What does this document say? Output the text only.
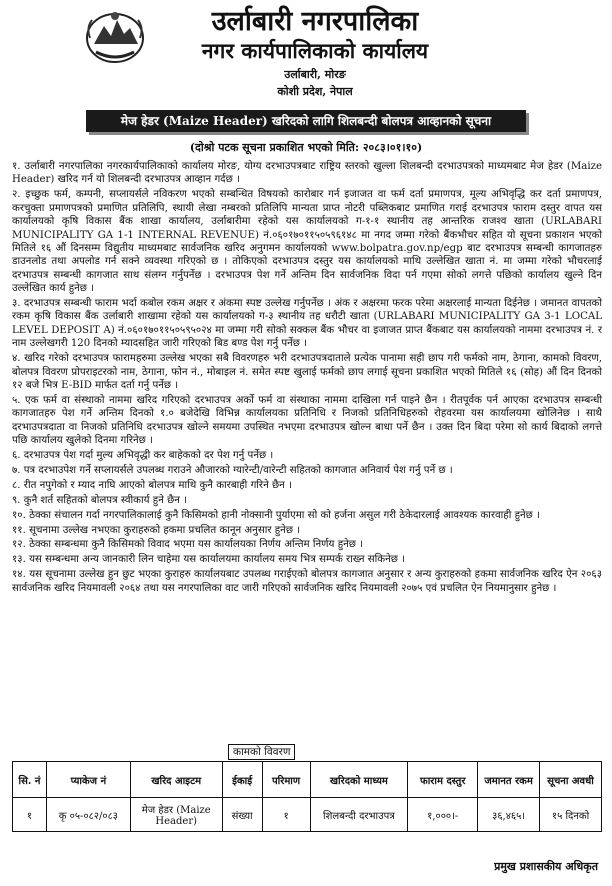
उर्लाबारी नगरपालिका
नगर कार्यपालिकाको कार्यालय
उर्लाबारी, मोरङ
कोशी प्रदेश, नेपाल
मेज हेडर (Maize Header) खरिदको लागि शिलबन्दी बोलपत्र आव्हानको सूचना
(दोश्रो पटक सूचना प्रकाशित भएको मिति: २०८३।०१।१०)

१. उर्लाबारी नगरपालिका नगरकार्यपालिकाको कार्यालय मोरङ, योग्य दरभाउपत्रबाट राष्ट्रिय स्तरको खुल्ला शिलबन्दी दरभाउपत्रको माध्यमबाट मेज हेडर (Maize Header) खरिद गर्न यो शिलबन्दी दरभाउपत्र आव्हान गर्दछ ।

२. इच्छुक फर्म, कम्पनी, सप्लायर्सले नविकरण भएको सम्बन्धित विषयको कारोबार गर्न इजाजत वा फर्म दर्ता प्रमाणपत्र, मूल्य अभिवृद्धि कर दर्ता प्रमाणपत्र, करचुक्ता प्रमाणपत्रको प्रमाणित प्रतिलिपि, स्थायी लेखा नम्बरको प्रतिलिपि मान्यता प्राप्त नोटरी पब्लिकबाट प्रमाणित गराई दरभाउपत्र फाराम दस्तुर वापत यस कार्यालयको कृषि विकास बैंक शाखा कार्यालय, उर्लाबारीमा रहेको यस कार्यालयको ग-१-१ स्थानीय तह आन्तरिक राजश्व खाता (URLABARI MUNICIPALITY GA 1-1 INTERNAL REVENUE) नं.०६०१७०११५०५९६१४८ मा नगद जम्मा गरेको बैंकभौचर सहित यो सूचना प्रकाशन भएको मितिले १६ औं दिनसम्म विद्युतीय माध्यमबाट सार्वजनिक खरिद अनुगमन कार्यालयको www.bolpatra.gov.np/egp बाट दरभाउपत्र सम्बन्धी कागजातहरु डाउनलोड तथा अपलोड गर्न सक्ने व्यवस्था गरिएको छ । तोकिएको दरभाउपत्र दस्तुर यस कार्यालयको माथि उल्लेखित खाता नं. मा जम्मा गरेको भौचरलाई दरभाउपत्र सम्बन्धी कागजात साथ संलग्न गर्नुपर्नेछ । दरभाउपत्र पेश गर्ने अन्तिम दिन सार्वजनिक विदा पर्न गएमा सोको लगत्ते पछिको कार्यालय खुल्ने दिन उल्लेखित कार्य हुनेछ ।

३. दरभाउपत्र सम्बन्धी फाराम भर्दा कबोल रकम अक्षर र अंकमा स्पष्ट उल्लेख गर्नुपर्नेछ । अंक र अक्षरमा फरक परेमा अक्षरलाई मान्यता दिईनेछ । जमानत वापतको रकम कृषि विकास बैंक उर्लाबारी शाखामा रहेको यस कार्यालयको ग-३ स्थानीय तह धरौटी खाता (URLABARI MUNICIPALITY GA 3-1 LOCAL LEVEL DEPOSIT A) नं.०६०१७०११५०५९५०२४ मा जम्मा गरी सोको सक्कल बैंक भौचर वा इजाजत प्राप्त बैंकबाट यस कार्यालयको नाममा दरभाउपत्र नं. र नाम उल्लेखगरी 120 दिनको म्यादसहित जारी गरिएको बिड बण्ड पेश गर्नु पर्नेछ ।

४. खरिद गरेको दरभाउपत्र फारामहरुमा उल्लेख भएका सबै विवरणहरु भरी दरभाउपत्रदाताले प्रत्येक पानामा सही छाप गरी फर्मको नाम, ठेगाना, कामको विवरण, बोलपत्र विवरण प्रोपराइटरको नाम, ठेगाना, फोन नं., मोबाइल नं. समेत स्पष्ट खुलाई फर्मको छाप लगाई सूचना प्रकाशित भएको मितिले १६ (सोह) औं दिन दिनको १२ बजे भित्र E-BID मार्फत दर्ता गर्नु पर्नेछ ।

५. एक फर्म वा संस्थाको नाममा खरिद गरिएको दरभाउपत्र अर्को फर्म वा संस्थाका नाममा दाखिला गर्न पाइने छैन । रीतपूर्वक पर्न आएका दरभाउपत्र सम्बन्धी कागजातहरु पेश गर्ने अन्तिम दिनको १.० बजेदेखि विभिन्न कार्यालयका प्रतिनिधि र निजको प्रतिनिधिहरुको रोहवरमा यस कार्यालयमा खोलिनेछ । साथै दरभाउपत्रदाता वा निजको प्रतिनिधि दरभाउपत्र खोल्ने समयमा उपस्थित नभएमा दरभाउपत्र खोल्न बाधा पर्ने छैन । उक्त दिन बिदा परेमा सो कार्य बिदाको लगत्ते पछि कार्यालय खुलेको दिनमा गरिनेछ ।

६. दरभाउपत्र पेश गर्दा मुल्य अभिवृद्धी कर बाहेकको दर पेश गर्नु पर्नेछ ।

७. पत्र दरभाउपेश गर्ने सप्लायर्सले उपलब्ध गराउने औजारको ग्यारेन्टी/वारेन्टी सहितको कागजात अनिवार्य पेश गर्नु पर्ने छ ।

८. रीत नपुगेको र म्याद नाघि आएको बोलपत्र माथि कुनै कारबाही गरिने छैन ।

९. कुनै शर्त सहितको बोलपत्र स्वीकार्य हुने छैन ।

१०. ठेक्का संचालन गर्दा नगरपालिकालाई कुनै किसिमको हानी नोक्सानी पुर्याएमा सो को हर्जना असुल गरी ठेकेदारलाई आवश्यक कारवाही हुनेछ ।

११. सूचनामा उल्लेख नभएका कुराहरुको हकमा प्रचलित कानून अनुसार हुनेछ ।

१२. ठेक्का सम्बन्धमा कुनै किसिमको विवाद भएमा यस कार्यालयका निर्णय अन्तिम निर्णय हुनेछ ।

१३. यस सम्बन्धमा अन्य जानकारी लिन चाहेमा यस कार्यालयमा कार्यालय समय भित्र सम्पर्क राख्न सकिनेछ ।

१४. यस सूचनामा उल्लेख हुन छुट भएका कुराहरु कार्यालयबाट उपलब्ध गराईएको बोलपत्र कागजात अनुसार र अन्य कुराहरुको हकमा सार्वजनिक खरिद ऐन २०६३ सार्वजनिक खरिद नियमावली २०६४ तथा यस नगरपालिका वाट जारी गरिएको सार्वजनिक खरिद नियमावली २०७५ एवं प्रचलित ऐन नियमानुसार हुनेछ ।

कामको विवरण
सि. नं	प्याकेज नं	खरिद आइटम	ईकाई	परिमाण	खरिदको माध्यम	फाराम दस्तुर	जमानत रकम	सूचना अवधी
१	कृ ०५-०८२/०८३	मेज हेडर (Maize Header)	संख्या	१	शिलबन्दी दरभाउपत्र	१,०००।-	३६,४६५।	१५ दिनको
प्रमुख प्रशासकीय अधिकृत
